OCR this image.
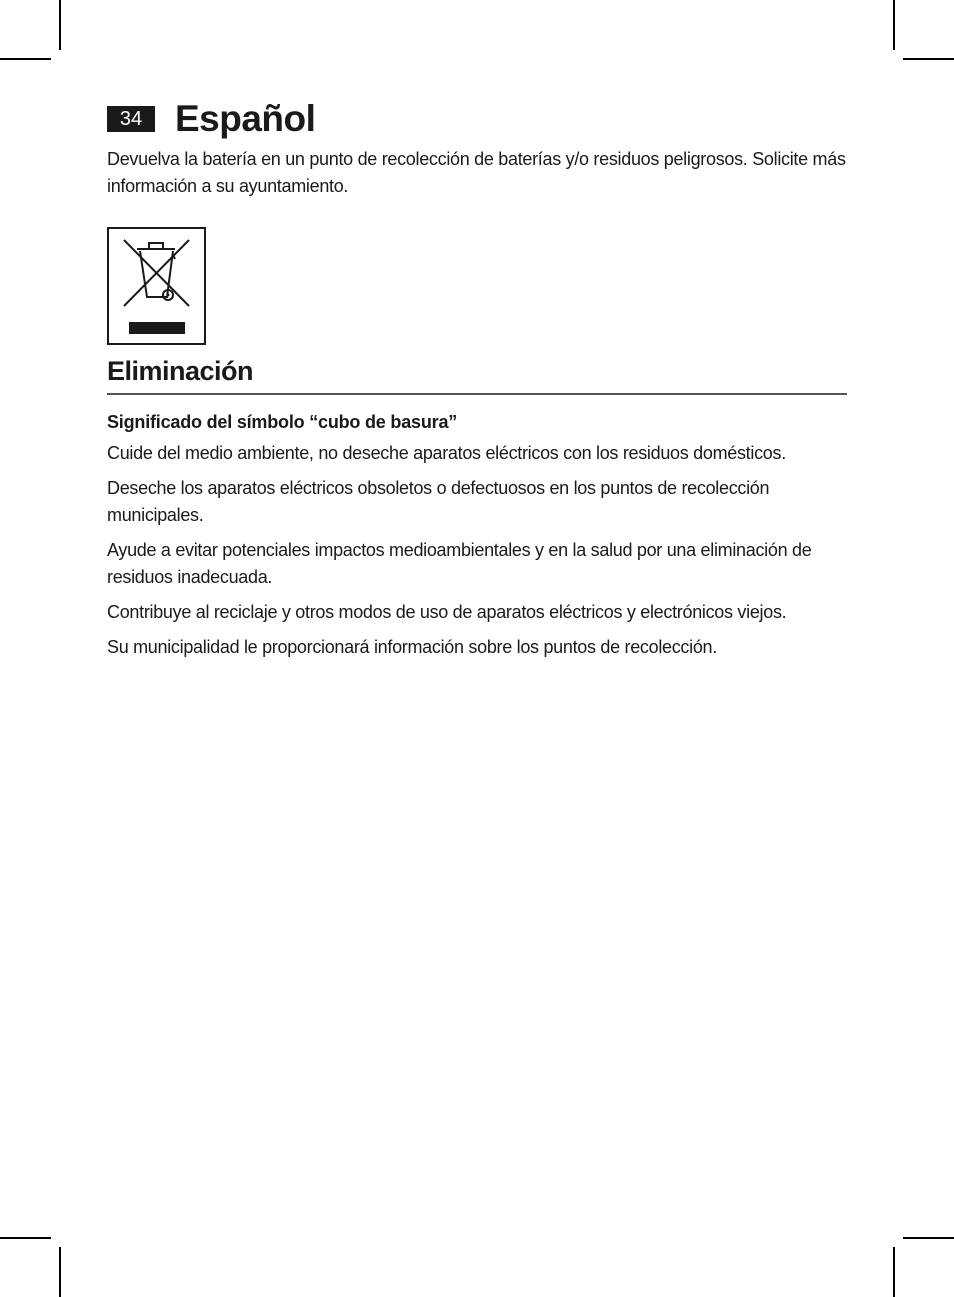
34 Español

Devuelva la batería en un punto de recolección de baterías y/o residuos peligrosos. Solicite más información a su ayuntamiento.

Eliminación
Significado del símbolo “cubo de basura”

Cuide del medio ambiente, no deseche aparatos eléctricos con los residuos domésticos.

Deseche los aparatos eléctricos obsoletos o defectuosos en los puntos de recolección municipales.

Ayude a evitar potenciales impactos medioambientales y en la salud por una eliminación de residuos inadecuada.

Contribuye al reciclaje y otros modos de uso de aparatos eléctricos y electrónicos viejos.

Su municipalidad le proporcionará información sobre los puntos de recolección.
